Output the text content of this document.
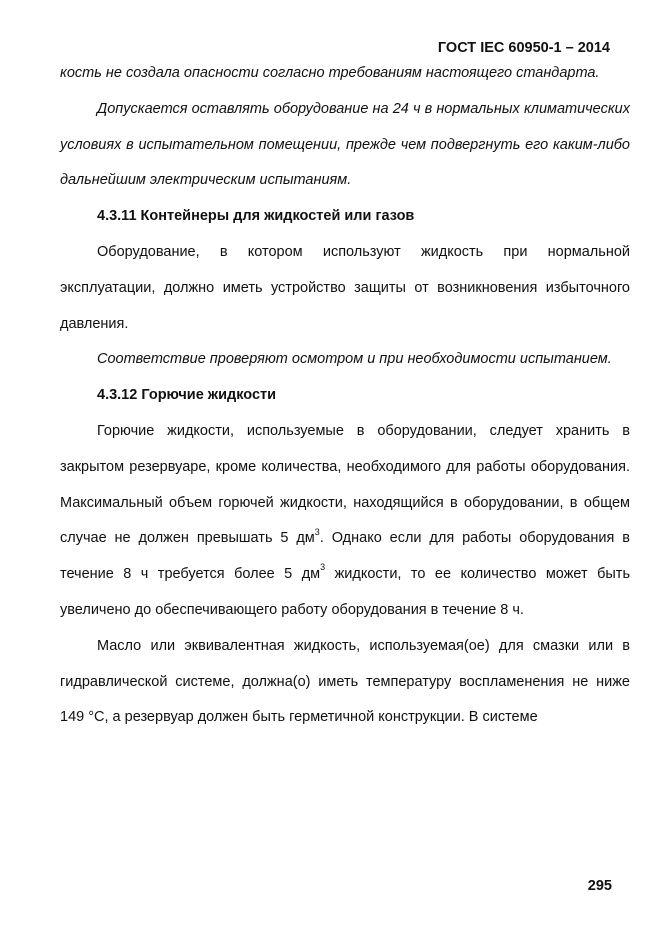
ГОСТ IEC 60950-1 – 2014

кость не создала опасности согласно требованиям настоящего стандарта.

Допускается оставлять оборудование на 24 ч в нормальных климатических условиях в испытательном помещении, прежде чем подвергнуть его каким-либо дальнейшим электрическим испытаниям.

4.3.11 Контейнеры для жидкостей или газов

Оборудование, в котором используют жидкость при нормальной эксплуатации, должно иметь устройство защиты от возникновения избыточного давления.

Соответствие проверяют осмотром и при необходимости испытанием.

4.3.12 Горючие жидкости

Горючие жидкости, используемые в оборудовании, следует хранить в закрытом резервуаре, кроме количества, необходимого для работы оборудования. Максимальный объем горючей жидкости, находящийся в оборудовании, в общем случае не должен превышать 5 $дм^3$. Однако если для работы оборудования в течение 8 ч требуется более 5 $дм^3$ жидкости, то ее количество может быть увеличено до обеспечивающего работу оборудования в течение 8 ч.

Масло или эквивалентная жидкость, используемая(ое) для смазки или в гидравлической системе, должна(о) иметь температуру воспламенения не ниже 149 °С, а резервуар должен быть герметичной конструкции. В системе

295
